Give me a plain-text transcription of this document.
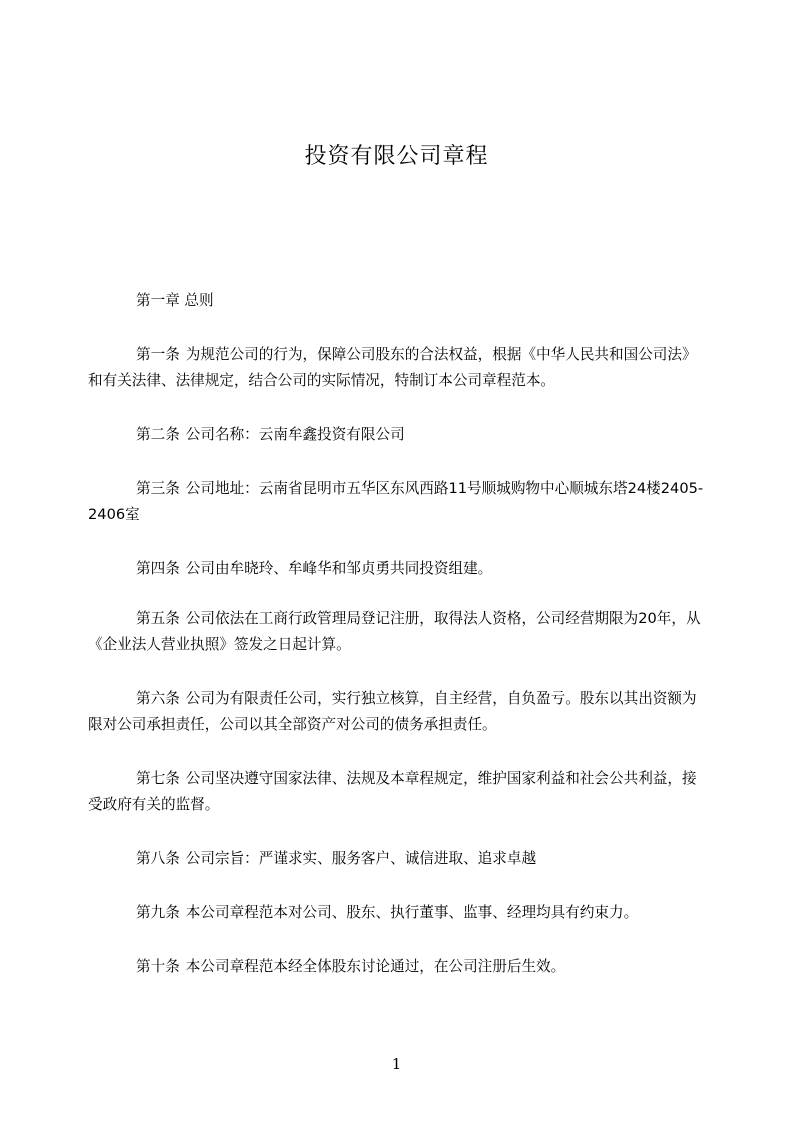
投资有限公司章程
第一章 总则
第一条 为规范公司的行为，保障公司股东的合法权益，根据《中华人民共和国公司法》和有关法律、法律规定，结合公司的实际情况，特制订本公司章程范本。
第二条 公司名称：云南牟鑫投资有限公司
第三条 公司地址：云南省昆明市五华区东风西路11号顺城购物中心顺城东塔24楼2405-2406室
第四条 公司由牟晓玲、牟峰华和邹贞勇共同投资组建。
第五条 公司依法在工商行政管理局登记注册，取得法人资格，公司经营期限为20年，从《企业法人营业执照》签发之日起计算。
第六条 公司为有限责任公司，实行独立核算，自主经营，自负盈亏。股东以其出资额为限对公司承担责任，公司以其全部资产对公司的债务承担责任。
第七条 公司坚决遵守国家法律、法规及本章程规定，维护国家利益和社会公共利益，接受政府有关的监督。
第八条 公司宗旨：严谨求实、服务客户、诚信进取、追求卓越
第九条 本公司章程范本对公司、股东、执行董事、监事、经理均具有约束力。
第十条 本公司章程范本经全体股东讨论通过，在公司注册后生效。
1
